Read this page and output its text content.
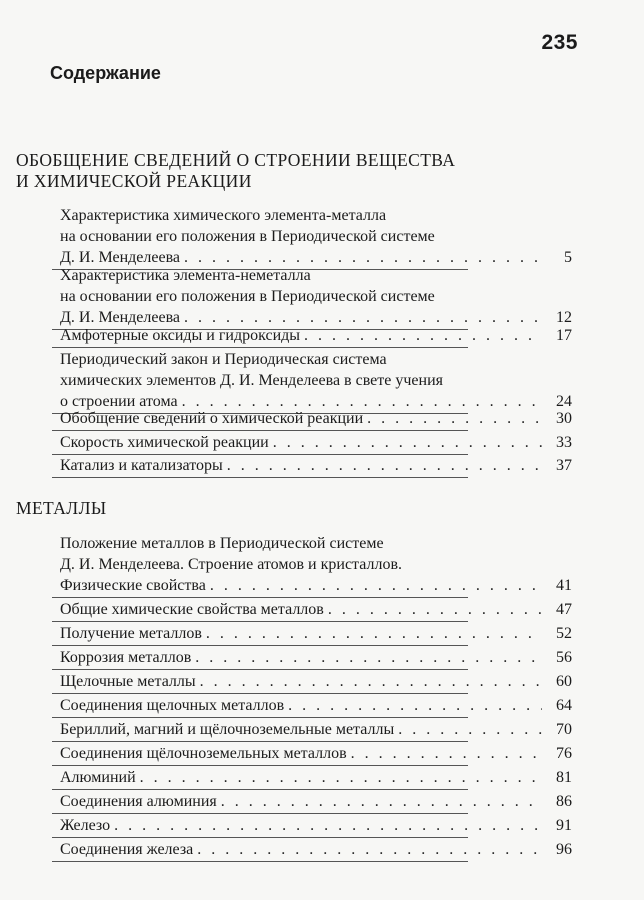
235
Содержание
ОБОБЩЕНИЕ СВЕДЕНИЙ О СТРОЕНИИ ВЕЩЕСТВА
И ХИМИЧЕСКОЙ РЕАКЦИИ
МЕТАЛЛЫ
Характеристика химического элемента-металла
на основании его положения в Периодической системе
Д. И. Менделеева . . .	5
Характеристика элемента-неметалла
на основании его положения в Периодической системе
Д. И. Менделеева . . .	12
Амфотерные оксиды и гидроксиды . . .	17
Периодический закон и Периодическая система
химических элементов Д. И. Менделеева в свете учения
о строении атома . . .	24
Обобщение сведений о химической реакции . . .	30
Скорость химической реакции . . .	33
Катализ и катализаторы . . .	37
Положение металлов в Периодической системе
Д. И. Менделеева. Строение атомов и кристаллов.
Физические свойства . . .	41
Общие химические свойства металлов . . .	47
Получение металлов . . .	52
Коррозия металлов . . .	56
Щелочные металлы . . .	60
Соединения щелочных металлов . . .	64
Бериллий, магний и щёлочноземельные металлы . . .	70
Соединения щёлочноземельных металлов . . .	76
Алюминий . . .	81
Соединения алюминия . . .	86
Железо . . .	91
Соединения железа . . .	96
